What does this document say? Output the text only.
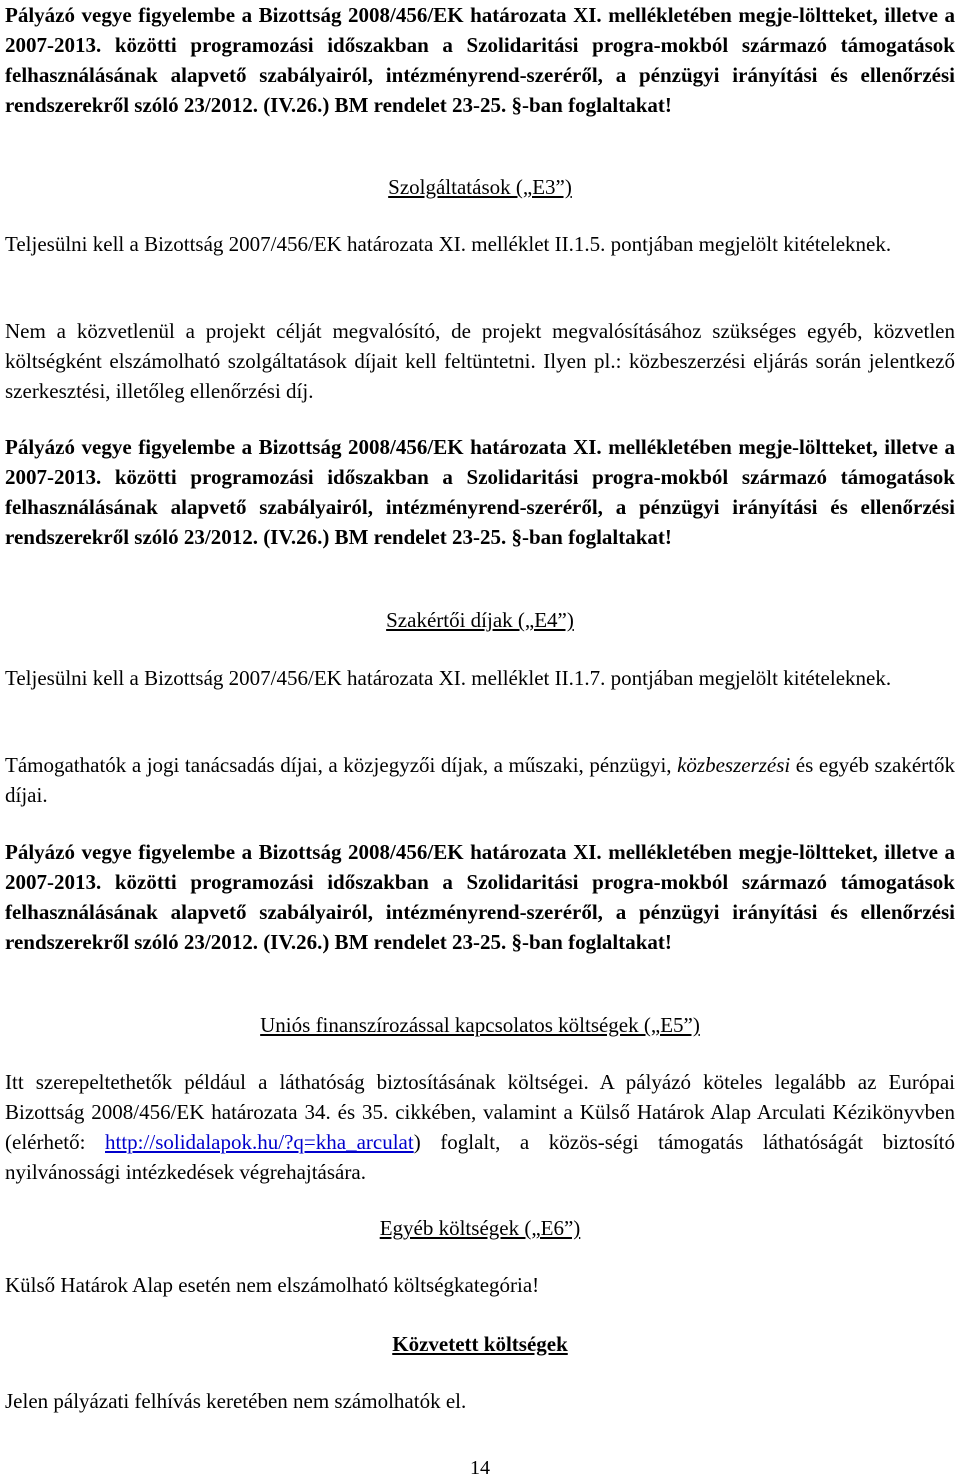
Pályázó vegye figyelembe a Bizottság 2008/456/EK határozata XI. mellékletében megje-löltteket, illetve a 2007-2013. közötti programozási időszakban a Szolidaritási progra-mokból származó támogatások felhasználásának alapvető szabályairól, intézményrend-szeréről, a pénzügyi irányítási és ellenőrzési rendszerekről szóló 23/2012. (IV.26.) BM rendelet 23-25. §-ban foglaltakat!

Szolgáltatások („E3”)

Teljesülni kell a Bizottság 2007/456/EK határozata XI. melléklet II.1.5. pontjában megjelölt kitételeknek.

Nem a közvetlenül a projekt célját megvalósító, de projekt megvalósításához szükséges egyéb, közvetlen költségként elszámolható szolgáltatások díjait kell feltüntetni. Ilyen pl.: közbeszerzési eljárás során jelentkező szerkesztési, illetőleg ellenőrzési díj.

Pályázó vegye figyelembe a Bizottság 2008/456/EK határozata XI. mellékletében megje-löltteket, illetve a 2007-2013. közötti programozási időszakban a Szolidaritási progra-mokból származó támogatások felhasználásának alapvető szabályairól, intézményrend-szeréről, a pénzügyi irányítási és ellenőrzési rendszerekről szóló 23/2012. (IV.26.) BM rendelet 23-25. §-ban foglaltakat!

Szakértői díjak („E4”)

Teljesülni kell a Bizottság 2007/456/EK határozata XI. melléklet II.1.7. pontjában megjelölt kitételeknek.

Támogathatók a jogi tanácsadás díjai, a közjegyzői díjak, a műszaki, pénzügyi, közbeszerzési és egyéb szakértők díjai.

Pályázó vegye figyelembe a Bizottság 2008/456/EK határozata XI. mellékletében megje-löltteket, illetve a 2007-2013. közötti programozási időszakban a Szolidaritási progra-mokból származó támogatások felhasználásának alapvető szabályairól, intézményrend-szeréről, a pénzügyi irányítási és ellenőrzési rendszerekről szóló 23/2012. (IV.26.) BM rendelet 23-25. §-ban foglaltakat!

Uniós finanszírozással kapcsolatos költségek („E5”)

Itt szerepeltethetők például a láthatóság biztosításának költségei. A pályázó köteles legalább az Európai Bizottság 2008/456/EK határozata 34. és 35. cikkében, valamint a Külső Határok Alap Arculati Kézikönyvben (elérhető: http://solidalapok.hu/?q=kha_arculat) foglalt, a közös-ségi támogatás láthatóságát biztosító nyilvánossági intézkedések végrehajtására.

Egyéb költségek („E6”)

Külső Határok Alap esetén nem elszámolható költségkategória!

Közvetett költségek

Jelen pályázati felhívás keretében nem számolhatók el.

14
